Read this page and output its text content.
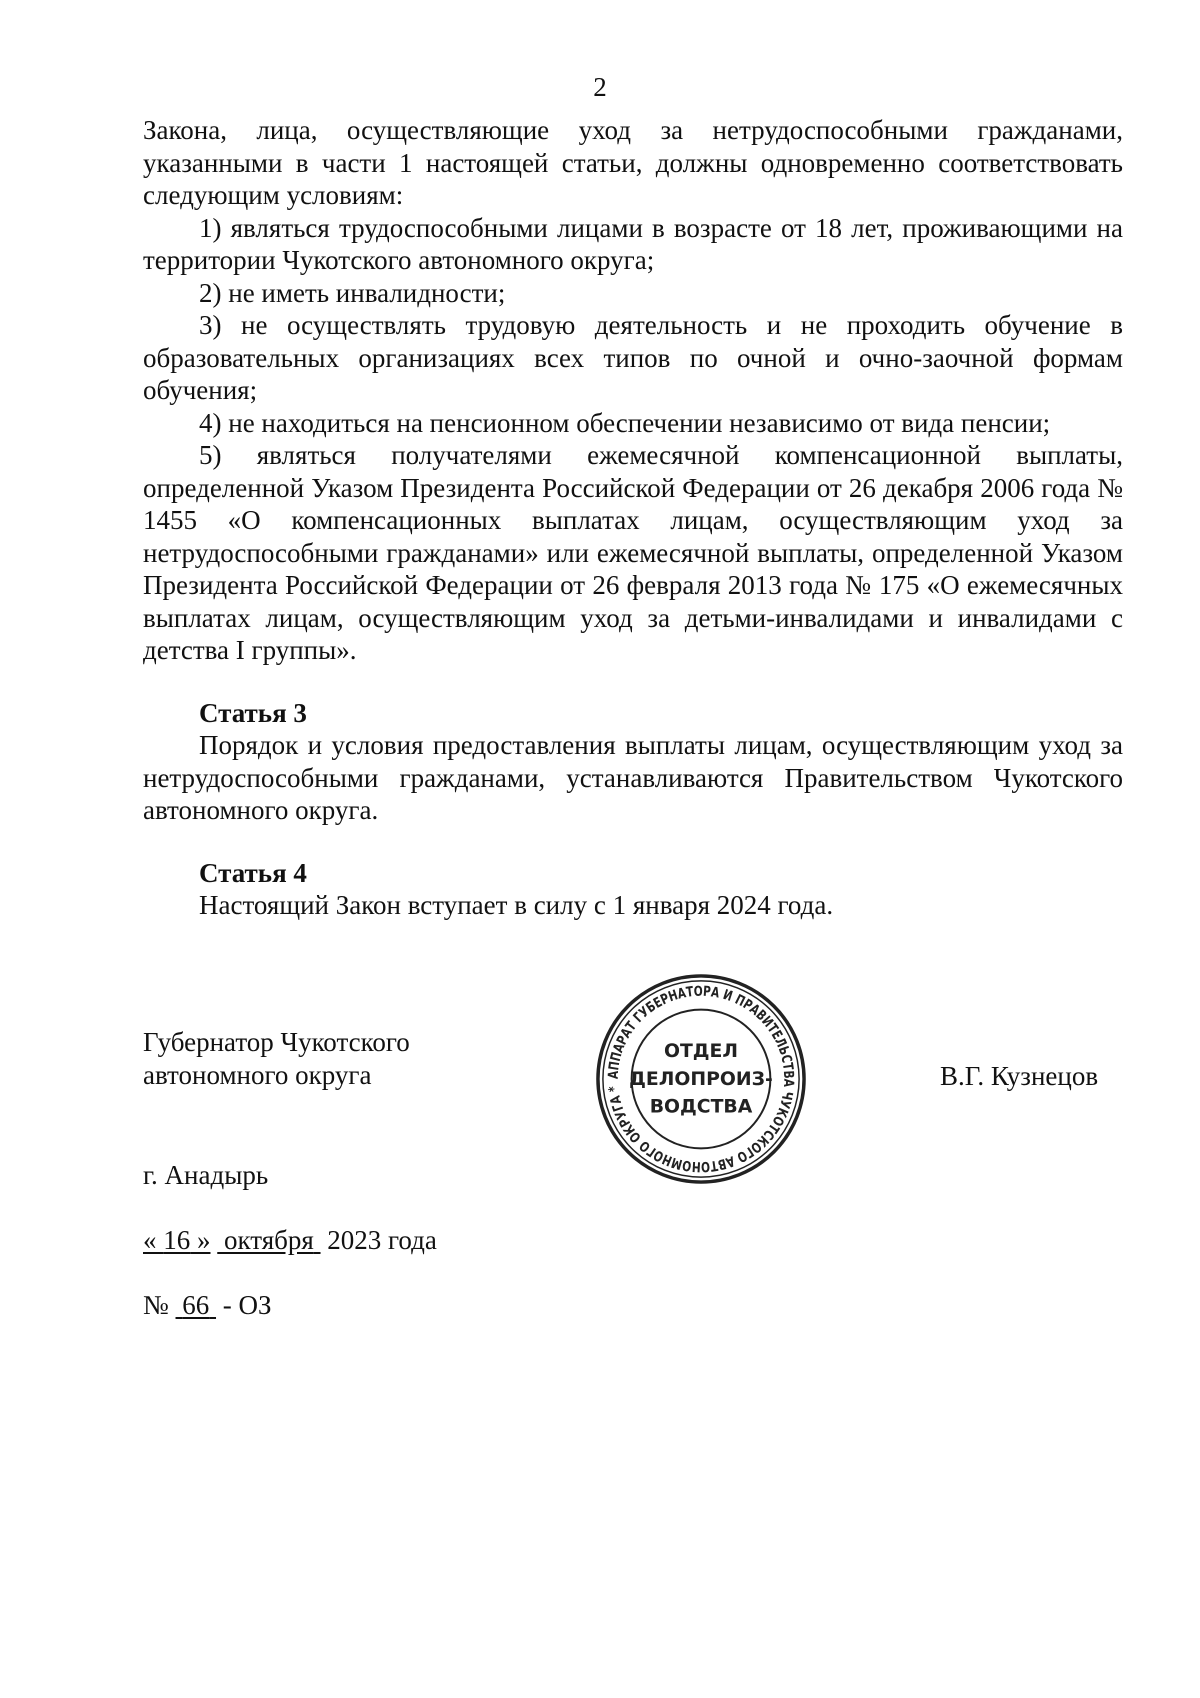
2

Закона, лица, осуществляющие уход за нетрудоспособными гражданами, указанными в части 1 настоящей статьи, должны одновременно соответствовать следующим условиям:

1) являться трудоспособными лицами в возрасте от 18 лет, проживающими на территории Чукотского автономного округа;

2) не иметь инвалидности;

3) не осуществлять трудовую деятельность и не проходить обучение в образовательных организациях всех типов по очной и очно-заочной формам обучения;

4) не находиться на пенсионном обеспечении независимо от вида пенсии;

5) являться получателями ежемесячной компенсационной выплаты, определенной Указом Президента Российской Федерации от 26 декабря 2006 года № 1455 «О компенсационных выплатах лицам, осуществляющим уход за нетрудоспособными гражданами» или ежемесячной выплаты, определенной Указом Президента Российской Федерации от 26 февраля 2013 года № 175 «О ежемесячных выплатах лицам, осуществляющим уход за детьми-инвалидами и инвалидами с детства I группы».

Статья 3

Порядок и условия предоставления выплаты лицам, осуществляющим уход за нетрудоспособными гражданами, устанавливаются Правительством Чукотского автономного округа.

Статья 4

Настоящий Закон вступает в силу с 1 января 2024 года.

Губернатор Чукотского
автономного округа	АППАРАТ ГУБЕРНАТОРА И ПРАВИТЕЛЬСТВА ЧУКОТСКОГО АВТОНОМНОГО ОКРУГА *
ОТДЕЛ
ДЕЛОПРОИЗ-
ВОДСТВА
В.Г. Кузнецов
г. Анадырь
« 16 » октября 2023 года
№ 66 - ОЗ
